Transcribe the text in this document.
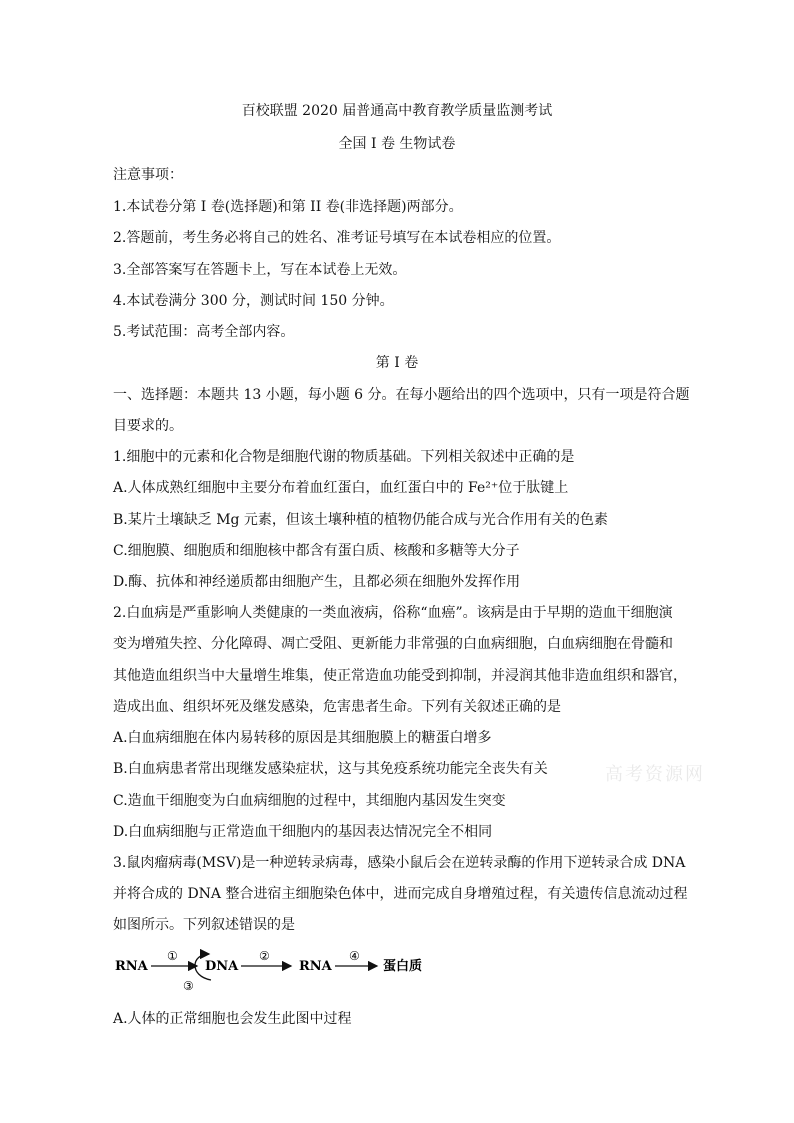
高考资源网
百校联盟 2020 届普通高中教育教学质量监测考试
全国 I 卷 生物试卷
注意事项：
1.本试卷分第 I 卷(选择题)和第 II 卷(非选择题)两部分。
2.答题前，考生务必将自己的姓名、准考证号填写在本试卷相应的位置。
3.全部答案写在答题卡上，写在本试卷上无效。
4.本试卷满分 300 分，测试时间 150 分钟。
5.考试范围：高考全部内容。
第 I 卷
一、选择题：本题共 13 小题，每小题 6 分。在每小题给出的四个选项中，只有一项是符合题
目要求的。
1.细胞中的元素和化合物是细胞代谢的物质基础。下列相关叙述中正确的是
A.人体成熟红细胞中主要分布着血红蛋白，血红蛋白中的 Fe²⁺位于肽键上
B.某片土壤缺乏 Mg 元素，但该土壤种植的植物仍能合成与光合作用有关的色素
C.细胞膜、细胞质和细胞核中都含有蛋白质、核酸和多糖等大分子
D.酶、抗体和神经递质都由细胞产生，且都必须在细胞外发挥作用
2.白血病是严重影响人类健康的一类血液病，俗称“血癌”。该病是由于早期的造血干细胞演
变为增殖失控、分化障碍、凋亡受阻、更新能力非常强的白血病细胞，白血病细胞在骨髓和
其他造血组织当中大量增生堆集，使正常造血功能受到抑制，并浸润其他非造血组织和器官，
造成出血、组织坏死及继发感染，危害患者生命。下列有关叙述正确的是
A.白血病细胞在体内易转移的原因是其细胞膜上的糖蛋白增多
B.白血病患者常出现继发感染症状，这与其免疫系统功能完全丧失有关
C.造血干细胞变为白血病细胞的过程中，其细胞内基因发生突变
D.白血病细胞与正常造血干细胞内的基因表达情况完全不相同
3.鼠肉瘤病毒(MSV)是一种逆转录病毒，感染小鼠后会在逆转录酶的作用下逆转录合成 DNA
并将合成的 DNA 整合进宿主细胞染色体中，进而完成自身增殖过程，有关遗传信息流动过程
如图所示。下列叙述错误的是
RNA
①
③
DNA
②
RNA
④
蛋白质
A.人体的正常细胞也会发生此图中过程
